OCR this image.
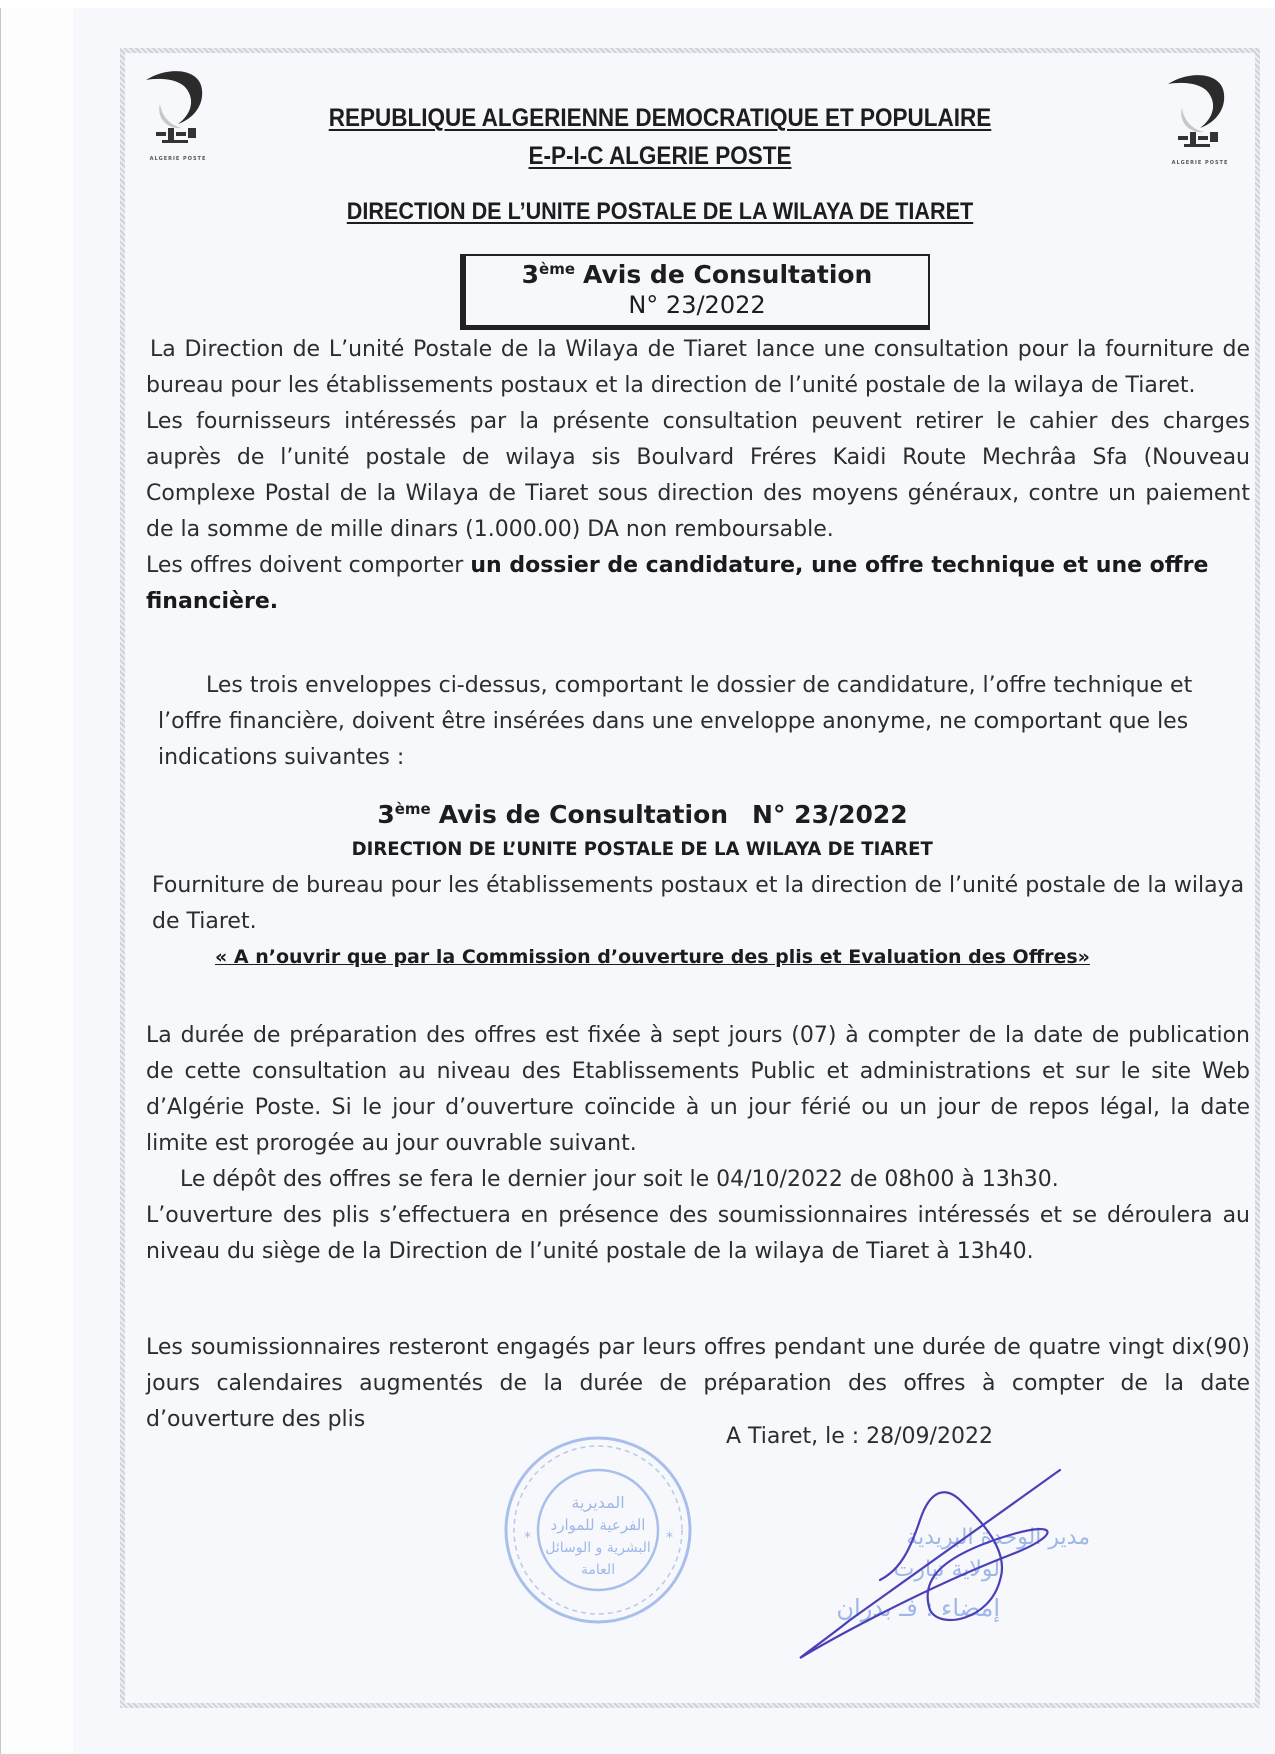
ALGERIE POSTE
ALGERIE POSTE
REPUBLIQUE ALGERIENNE DEMOCRATIQUE ET POPULAIRE
E-P-I-C ALGERIE POSTE
DIRECTION DE L’UNITE POSTALE DE LA WILAYA DE TIARET
3ème Avis de Consultation
N° 23/2022

La Direction de L’unité Postale de la Wilaya de Tiaret lance une consultation pour la fourniture de bureau pour les établissements postaux et la direction de l’unité postale de la wilaya de Tiaret.

Les fournisseurs intéressés par la présente consultation peuvent retirer le cahier des charges auprès de l’unité postale de wilaya sis Boulvard Fréres Kaidi Route Mechrâa Sfa (Nouveau Complexe Postal de la Wilaya de Tiaret sous direction des moyens généraux, contre un paiement de la somme de mille dinars (1.000.00) DA non remboursable.

Les offres doivent comporter un dossier de candidature, une offre technique et une offre financière.

Les trois enveloppes ci-dessus, comportant le dossier de candidature, l’offre technique et l’offre financière, doivent être insérées dans une enveloppe anonyme, ne comportant que les indications suivantes :

3ème Avis de Consultation N° 23/2022
DIRECTION DE L’UNITE POSTALE DE LA WILAYA DE TIARET

Fourniture de bureau pour les établissements postaux et la direction de l’unité postale de la wilaya de Tiaret.

« A n’ouvrir que par la Commission d’ouverture des plis et Evaluation des Offres»

La durée de préparation des offres est fixée à sept jours (07) à compter de la date de publication de cette consultation au niveau des Etablissements Public et administrations et sur le site Web d’Algérie Poste. Si le jour d’ouverture coïncide à un jour férié ou un jour de repos légal, la date limite est prorogée au jour ouvrable suivant.

Le dépôt des offres se fera le dernier jour soit le 04/10/2022 de 08h00 à 13h30.

L’ouverture des plis s’effectuera en présence des soumissionnaires intéressés et se déroulera au niveau du siège de la Direction de l’unité postale de la wilaya de Tiaret à 13h40.

Les soumissionnaires resteront engagés par leurs offres pendant une durée de quatre vingt dix(90) jours calendaires augmentés de la durée de préparation des offres à compter de la date d’ouverture des plis

A Tiaret, le : 28/09/2022
المديرية
الفرعية للموارد
البشرية و الوسائل
العامة
*	*	مدير الوحدة البريدية
لولاية تيارت
إمضاء : فـ بدران
